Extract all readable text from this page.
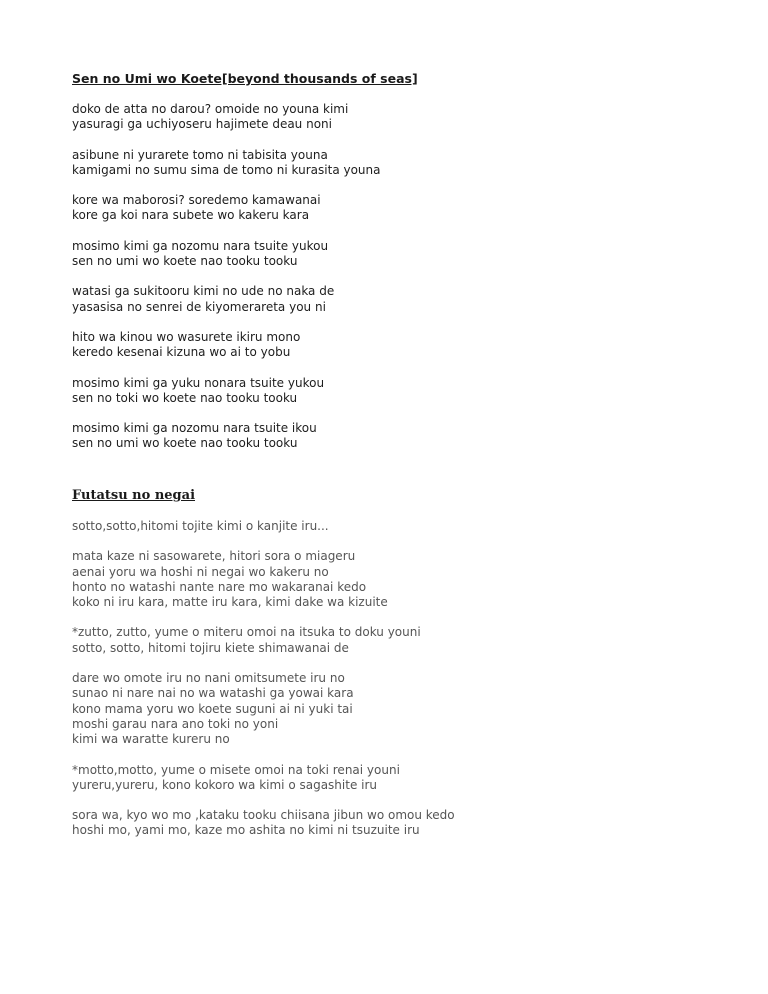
Sen no Umi wo Koete[beyond thousands of seas]

doko de atta no darou? omoide no youna kimi
yasuragi ga uchiyoseru hajimete deau noni

asibune ni yurarete tomo ni tabisita youna
kamigami no sumu sima de tomo ni kurasita youna

kore wa maborosi? soredemo kamawanai
kore ga koi nara subete wo kakeru kara

mosimo kimi ga nozomu nara tsuite yukou
sen no umi wo koete nao tooku tooku

watasi ga sukitooru kimi no ude no naka de
yasasisa no senrei de kiyomerareta you ni

hito wa kinou wo wasurete ikiru mono
keredo kesenai kizuna wo ai to yobu

mosimo kimi ga yuku nonara tsuite yukou
sen no toki wo koete nao tooku tooku

mosimo kimi ga nozomu nara tsuite ikou
sen no umi wo koete nao tooku tooku

Futatsu no negai

sotto,sotto,hitomi tojite kimi o kanjite iru...

mata kaze ni sasowarete, hitori sora o miageru
aenai yoru wa hoshi ni negai wo kakeru no
honto no watashi nante nare mo wakaranai kedo
koko ni iru kara, matte iru kara, kimi dake wa kizuite

*zutto, zutto, yume o miteru omoi na itsuka to doku youni
sotto, sotto, hitomi tojiru kiete shimawanai de

dare wo omote iru no nani omitsumete iru no
sunao ni nare nai no wa watashi ga yowai kara
kono mama yoru wo koete suguni ai ni yuki tai
moshi garau nara ano toki no yoni
kimi wa waratte kureru no

*motto,motto, yume o misete omoi na toki renai youni
yureru,yureru, kono kokoro wa kimi o sagashite iru

sora wa, kyo wo mo ,kataku tooku chiisana jibun wo omou kedo
hoshi mo, yami mo, kaze mo ashita no kimi ni tsuzuite iru
